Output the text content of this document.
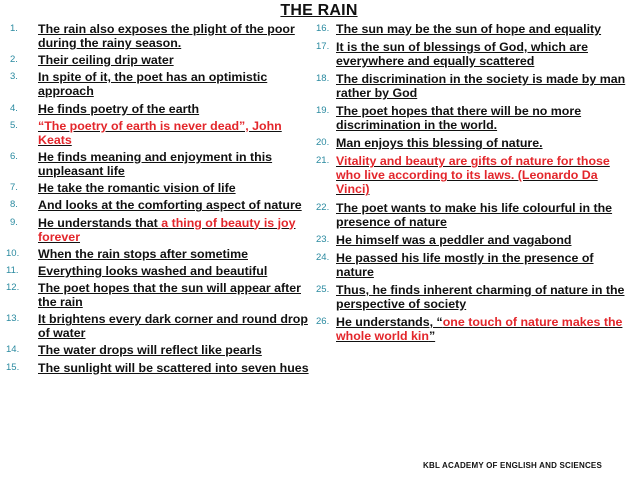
THE RAIN
1.	The rain also exposes the plight of the poor during the rainy season.
2.	Their ceiling drip water
3.	In spite of it, the poet has an optimistic approach
4.	He finds poetry of the earth
5.	“The poetry of earth is never dead”, John Keats
6.	He finds meaning and enjoyment in this unpleasant life
7.	He take the romantic vision of life
8.	And looks at the comforting aspect of nature
9.	He understands that a thing of beauty is joy forever
10.	When the rain stops after sometime
11.	Everything looks washed and beautiful
12.	The poet hopes that the sun will appear after the rain
13.	It brightens every dark corner and round drop of water
14.	The water drops will reflect like pearls
15.	The sunlight will be scattered into seven hues
16. The sun may be the sun of hope and equality
17. It is the sun of blessings of God, which are everywhere and equally scattered
18. The discrimination in the society is made by man rather by God
19. The poet hopes that there will be no more discrimination in the world.
20. Man enjoys this blessing of nature.
21. Vitality and beauty are gifts of nature for those who live according to its laws. (Leonardo Da Vinci)
22. The poet wants to make his life colourful in the presence of nature
23. He himself was a peddler and vagabond
24. He passed his life mostly in the presence of nature
25. Thus, he finds inherent charming of nature in the perspective of society
26. He understands, “one touch of nature makes the whole world kin”
KBL ACADEMY OF ENGLISH AND SCIENCES
